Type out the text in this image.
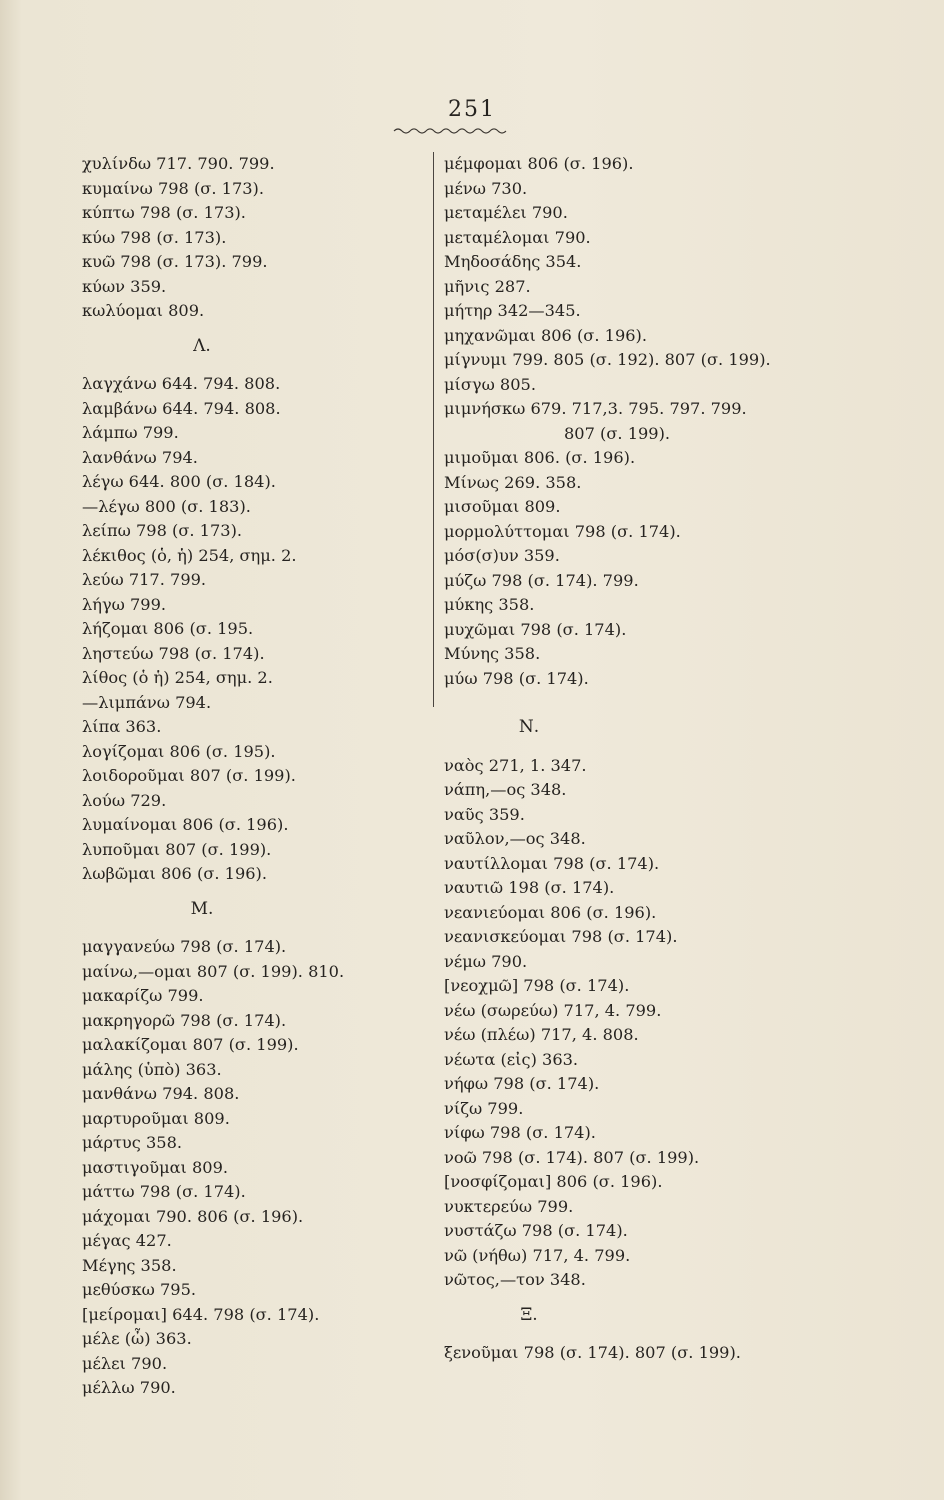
251
χυλίνδω 717. 790. 799.
κυμαίνω 798 (σ. 173).
κύπτω 798 (σ. 173).
κύω 798 (σ. 173).
κυῶ 798 (σ. 173). 799.
κύων 359.
κωλύομαι 809.
Λ.
λαγχάνω 644. 794. 808.
λαμβάνω 644. 794. 808.
λάμπω 799.
λανθάνω 794.
λέγω 644. 800 (σ. 184).
—λέγω 800 (σ. 183).
λείπω 798 (σ. 173).
λέκιθος (ὁ, ἡ) 254, σημ. 2.
λεύω 717. 799.
λήγω 799.
λήζομαι 806 (σ. 195.
ληστεύω 798 (σ. 174).
λίθος (ὁ ἡ) 254, σημ. 2.
—λιμπάνω 794.
λίπα 363.
λογίζομαι 806 (σ. 195).
λοιδοροῦμαι 807 (σ. 199).
λούω 729.
λυμαίνομαι 806 (σ. 196).
λυποῦμαι 807 (σ. 199).
λωβῶμαι 806 (σ. 196).
Μ.
μαγγανεύω 798 (σ. 174).
μαίνω,—ομαι 807 (σ. 199). 810.
μακαρίζω 799.
μακρηγορῶ 798 (σ. 174).
μαλακίζομαι 807 (σ. 199).
μάλης (ὑπὸ) 363.
μανθάνω 794. 808.
μαρτυροῦμαι 809.
μάρτυς 358.
μαστιγοῦμαι 809.
μάττω 798 (σ. 174).
μάχομαι 790. 806 (σ. 196).
μέγας 427.
Μέγης 358.
μεθύσκω 795.
[μείρομαι] 644. 798 (σ. 174).
μέλε (ὦ) 363.
μέλει 790.
μέλλω 790.
μέμφομαι 806 (σ. 196).
μένω 730.
μεταμέλει 790.
μεταμέλομαι 790.
Μηδοσάδης 354.
μῆνις 287.
μήτηρ 342—345.
μηχανῶμαι 806 (σ. 196).
μίγνυμι 799. 805 (σ. 192). 807 (σ. 199).
μίσγω 805.
μιμνήσκω 679. 717,3. 795. 797. 799.
807 (σ. 199).
μιμοῦμαι 806. (σ. 196).
Μίνως 269. 358.
μισοῦμαι 809.
μορμολύττομαι 798 (σ. 174).
μόσ(σ)υν 359.
μύζω 798 (σ. 174). 799.
μύκης 358.
μυχῶμαι 798 (σ. 174).
Μύνης 358.
μύω 798 (σ. 174).
Ν.
ναὸς 271, 1. 347.
νάπη,—ος 348.
ναῦς 359.
ναῦλον,—ος 348.
ναυτίλλομαι 798 (σ. 174).
ναυτιῶ 198 (σ. 174).
νεανιεύομαι 806 (σ. 196).
νεανισκεύομαι 798 (σ. 174).
νέμω 790.
[νεοχμῶ] 798 (σ. 174).
νέω (σωρεύω) 717, 4. 799.
νέω (πλέω) 717, 4. 808.
νέωτα (εἰς) 363.
νήφω 798 (σ. 174).
νίζω 799.
νίφω 798 (σ. 174).
νοῶ 798 (σ. 174). 807 (σ. 199).
[νοσφίζομαι] 806 (σ. 196).
νυκτερεύω 799.
νυστάζω 798 (σ. 174).
νῶ (νήθω) 717, 4. 799.
νῶτος,—τον 348.
Ξ.
ξενοῦμαι 798 (σ. 174). 807 (σ. 199).
